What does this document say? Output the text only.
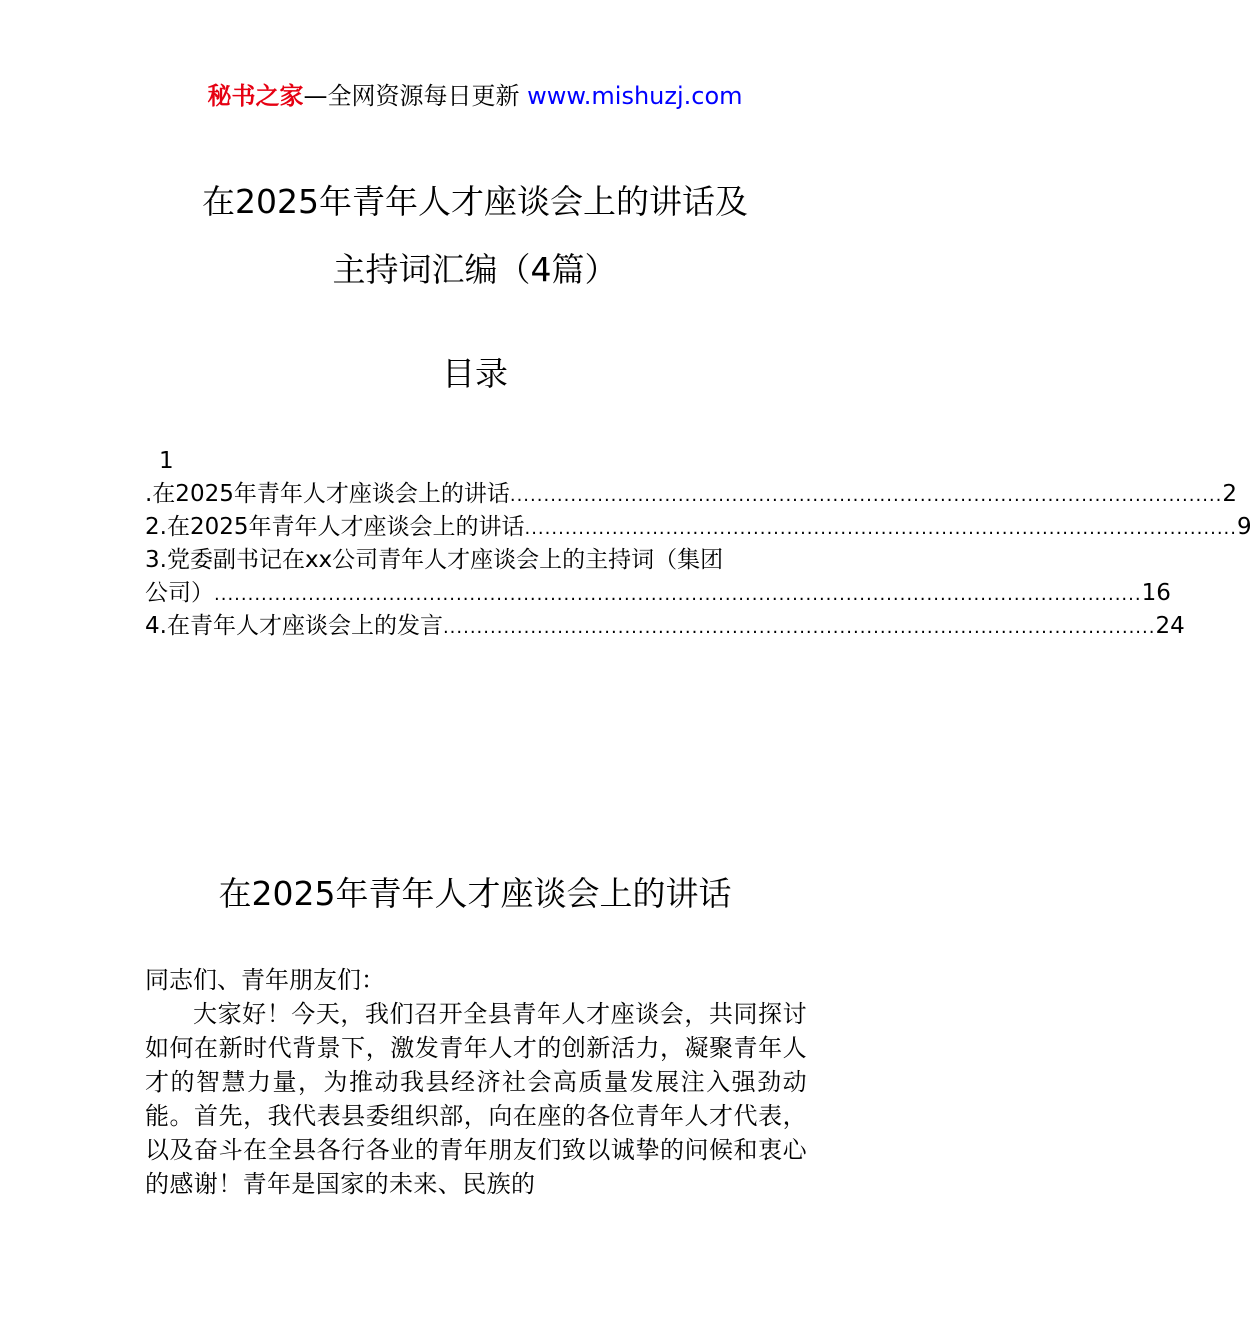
秘书之家—全网资源每日更新 www.mishuzj.com
在2025年青年人才座谈会上的讲话及
主持词汇编（4篇）
目录
1
.在2025年青年人才座谈会上的讲话 .......................................................................................................... 2
2.在2025年青年人才座谈会上的讲话 .......................................................................................................... 9
3.党委副书记在xx公司青年人才座谈会上的主持词（集团
公司） .......................................................................................................................................... 16
4.在青年人才座谈会上的发言 .......................................................................................................... 24
在2025年青年人才座谈会上的讲话
同志们、青年朋友们：

大家好！今天，我们召开全县青年人才座谈会，共同探讨如何在新时代背景下，激发青年人才的创新活力，凝聚青年人才的智慧力量，为推动我县经济社会高质量发展注入强劲动能。首先，我代表县委组织部，向在座的各位青年人才代表，以及奋斗在全县各行各业的青年朋友们致以诚挚的问候和衷心的感谢！青年是国家的未来、民族的
